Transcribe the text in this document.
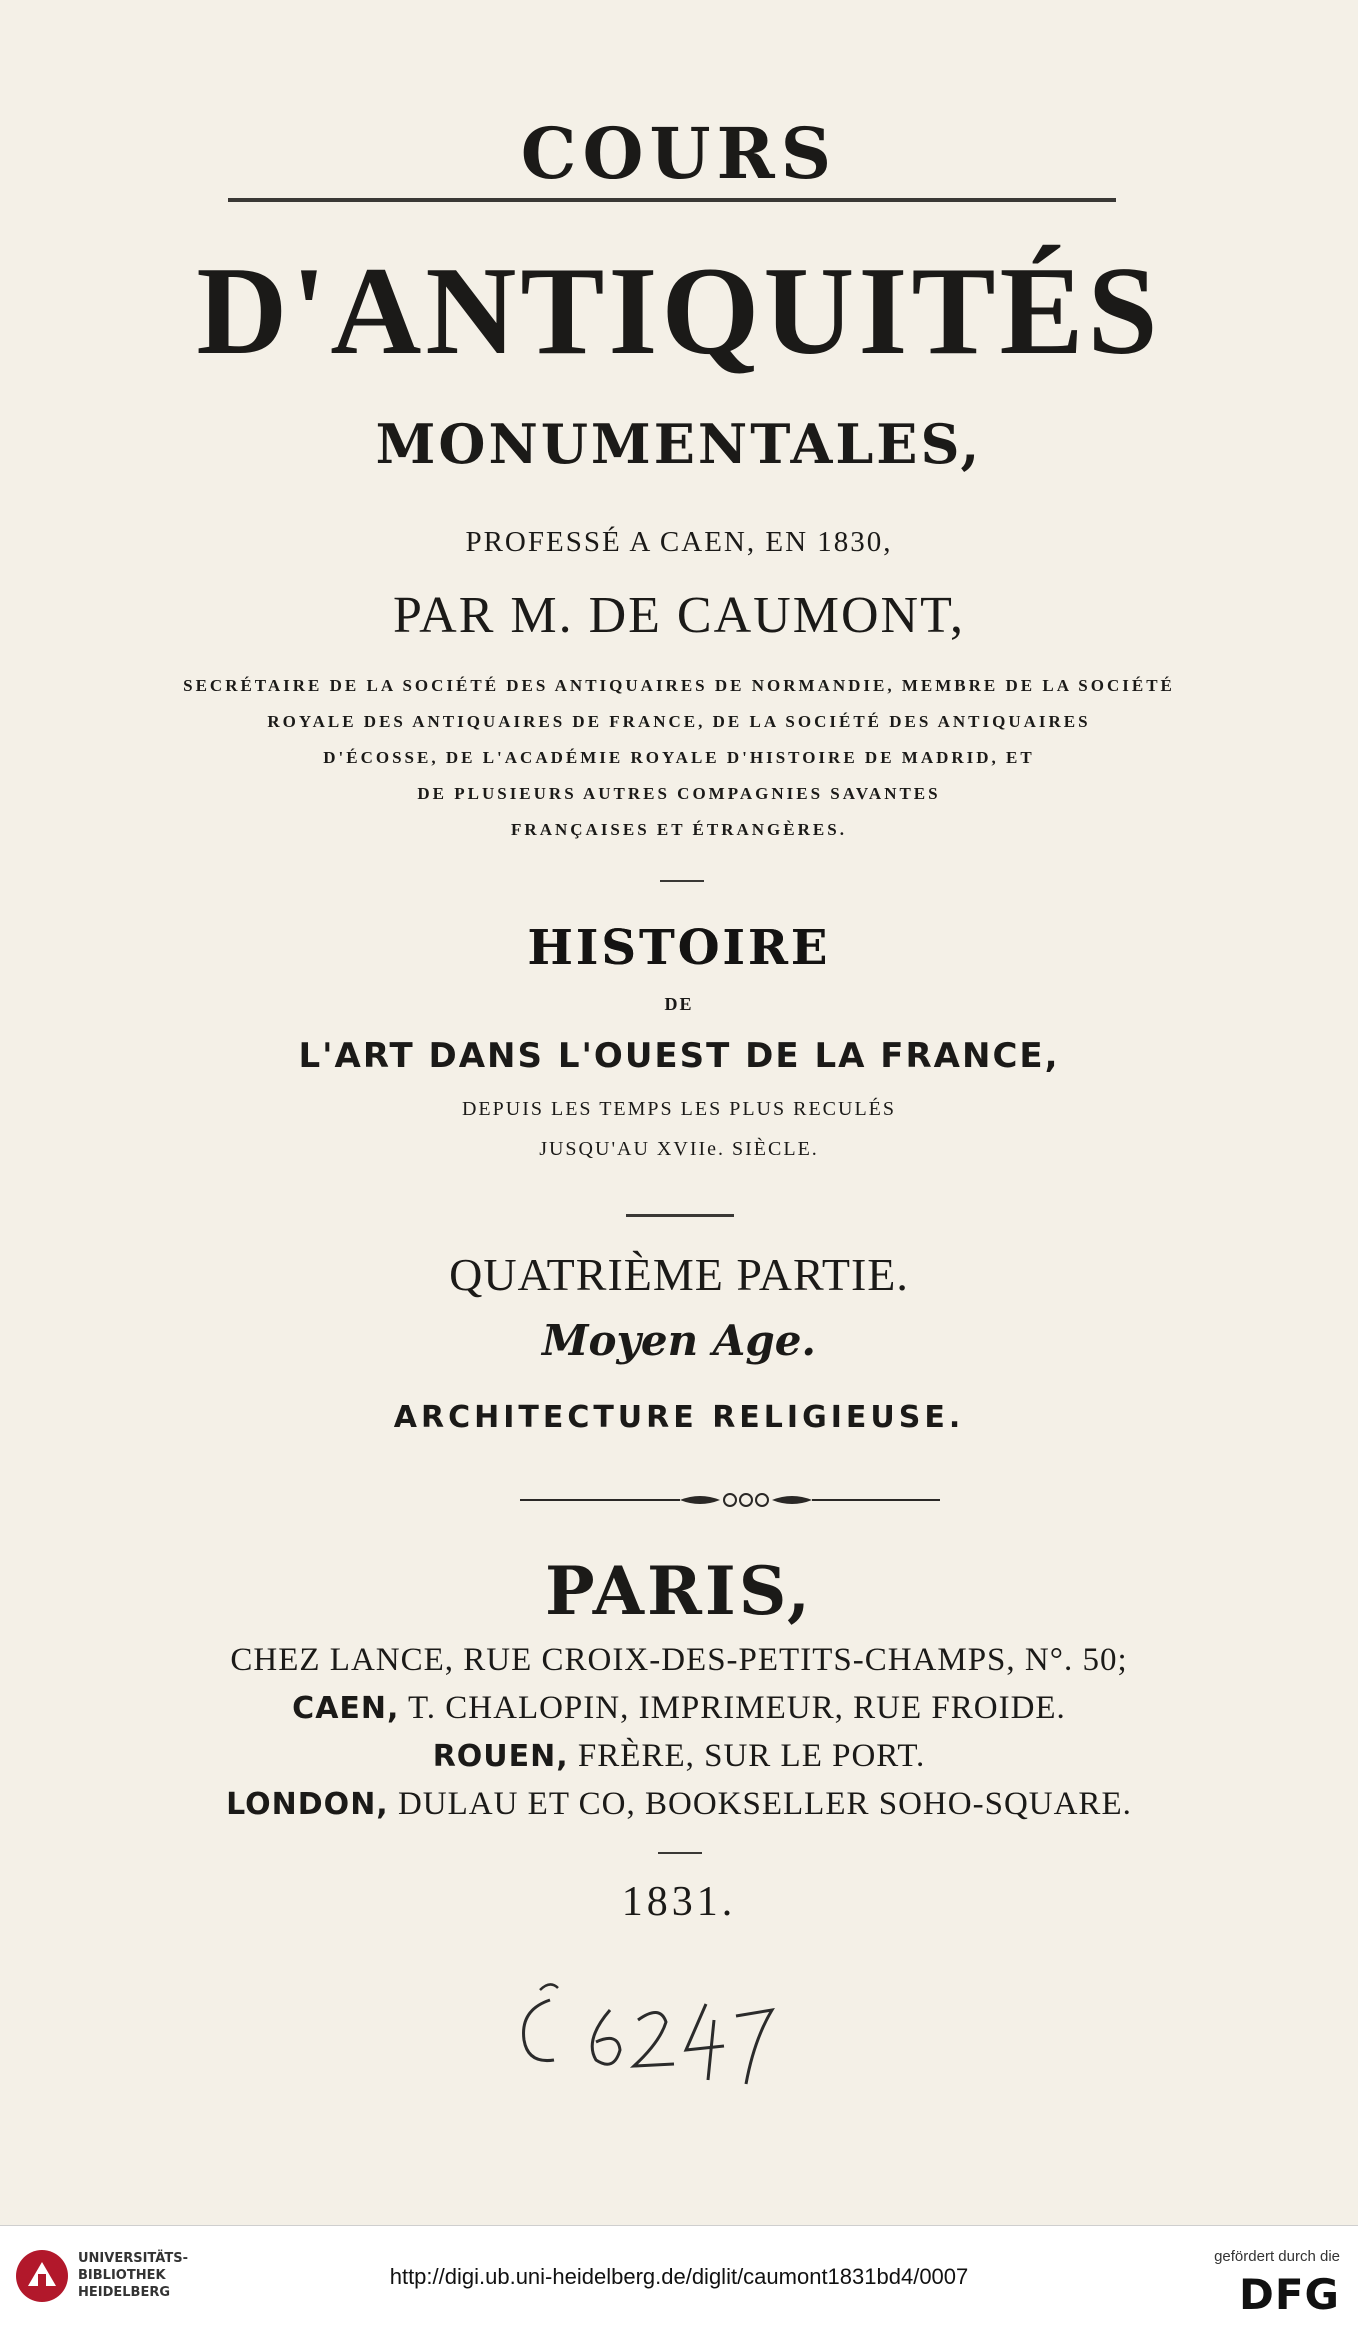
COURS
D'ANTIQUITÉS
MONUMENTALES,
PROFESSÉ A CAEN, EN 1830,
PAR M. DE CAUMONT,
SECRÉTAIRE DE LA SOCIÉTÉ DES ANTIQUAIRES DE NORMANDIE, MEMBRE DE LA SOCIÉTÉ
ROYALE DES ANTIQUAIRES DE FRANCE, DE LA SOCIÉTÉ DES ANTIQUAIRES
D'ÉCOSSE, DE L'ACADÉMIE ROYALE D'HISTOIRE DE MADRID, ET
DE PLUSIEURS AUTRES COMPAGNIES SAVANTES
FRANÇAISES ET ÉTRANGÈRES.
HISTOIRE
DE
L'ART DANS L'OUEST DE LA FRANCE,
DEPUIS LES TEMPS LES PLUS RECULÉS
JUSQU'AU XVIIe. SIÈCLE.
QUATRIÈME PARTIE.
Moyen Age.
ARCHITECTURE RELIGIEUSE.
PARIS,
CHEZ LANCE, RUE CROIX-DES-PETITS-CHAMPS, N°. 50;
CAEN, T. CHALOPIN, IMPRIMEUR, RUE FROIDE.
ROUEN, FRÈRE, SUR LE PORT.
LONDON, DULAU ET CO, BOOKSELLER SOHO-SQUARE.
1831.
UNIVERSITÄTS-
BIBLIOTHEK
HEIDELBERG
http://digi.ub.uni-heidelberg.de/diglit/caumont1831bd4/0007
gefördert durch die
DFG
